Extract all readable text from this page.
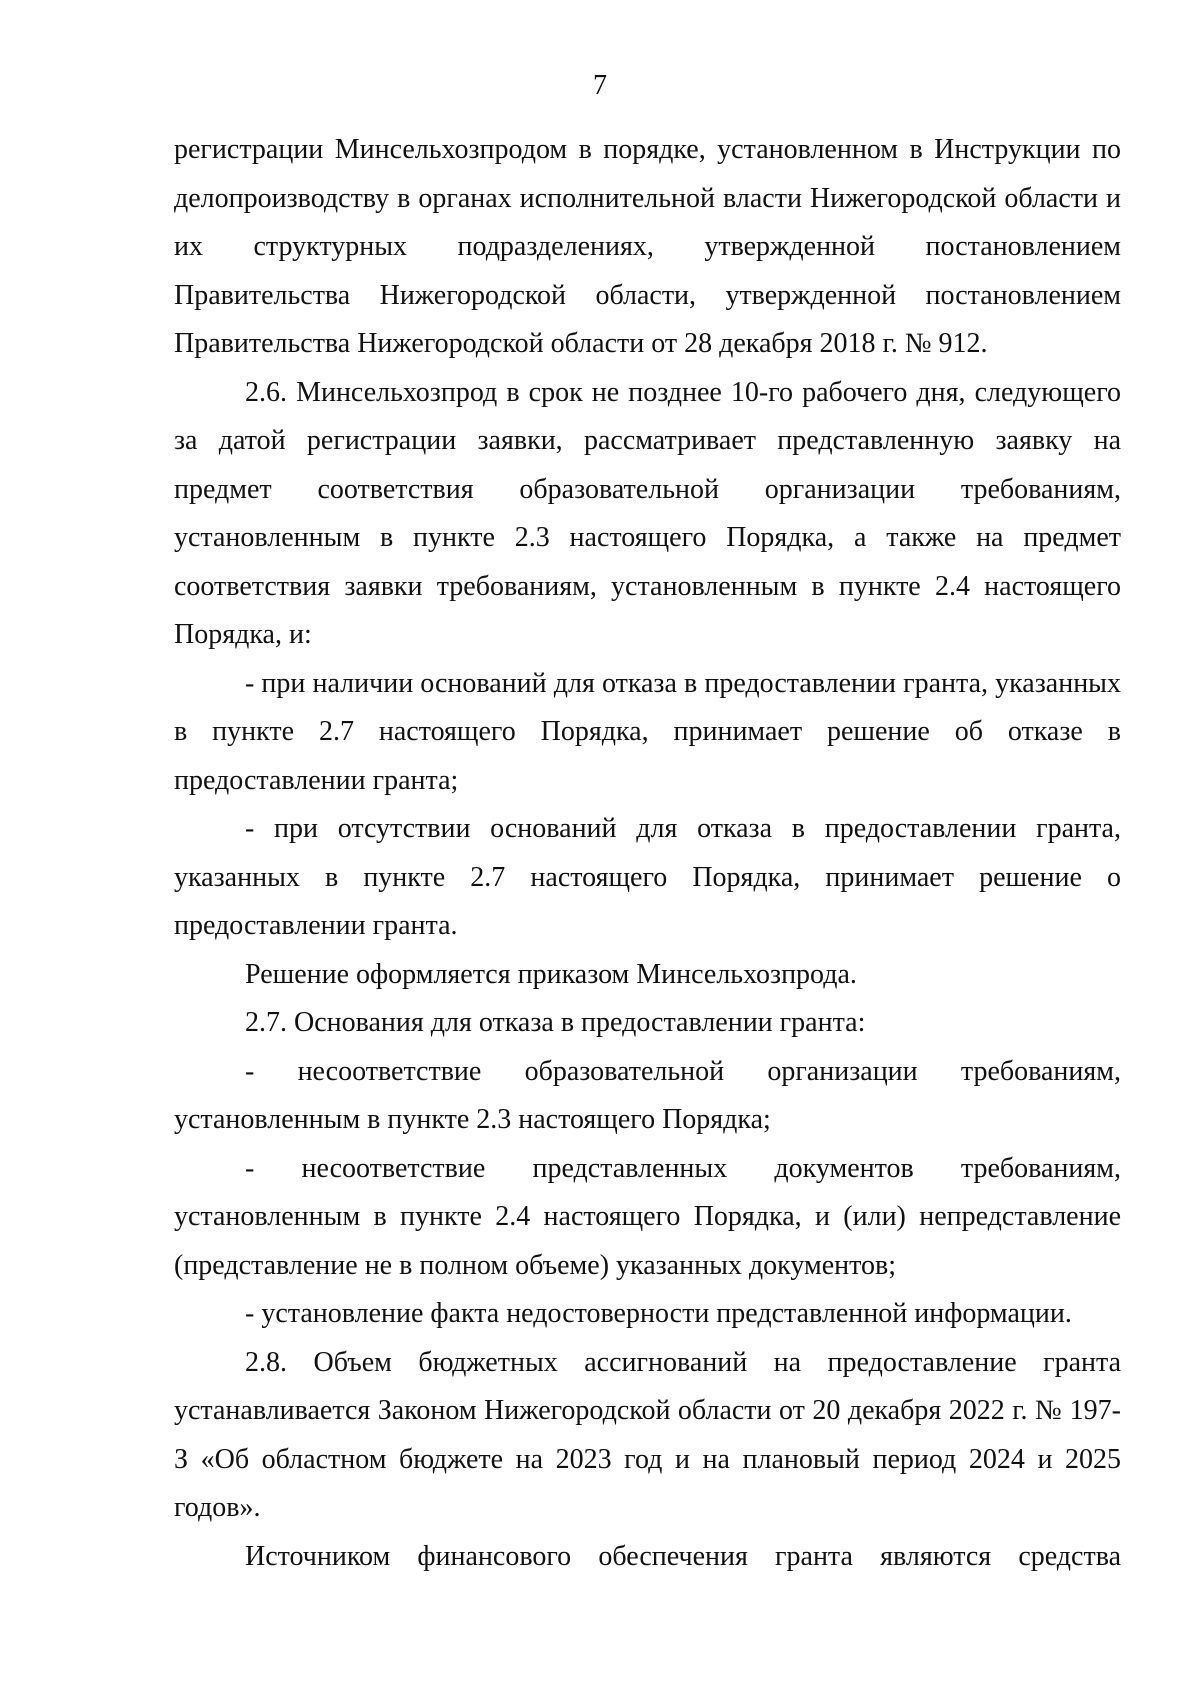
7

регистрации Минсельхозпродом в порядке, установленном в Инструкции по делопроизводству в органах исполнительной власти Нижегородской области и их структурных подразделениях, утвержденной постановлением Правительства Нижегородской области, утвержденной постановлением Правительства Нижегородской области от 28 декабря 2018 г. № 912.

2.6. Минсельхозпрод в срок не позднее 10-го рабочего дня, следующего за датой регистрации заявки, рассматривает представленную заявку на предмет соответствия образовательной организации требованиям, установленным в пункте 2.3 настоящего Порядка, а также на предмет соответствия заявки требованиям, установленным в пункте 2.4 настоящего Порядка, и:

- при наличии оснований для отказа в предоставлении гранта, указанных в пункте 2.7 настоящего Порядка, принимает решение об отказе в предоставлении гранта;

- при отсутствии оснований для отказа в предоставлении гранта, указанных в пункте 2.7 настоящего Порядка, принимает решение о предоставлении гранта.

Решение оформляется приказом Минсельхозпрода.

2.7. Основания для отказа в предоставлении гранта:

- несоответствие образовательной организации требованиям, установленным в пункте 2.3 настоящего Порядка;

- несоответствие представленных документов требованиям, установленным в пункте 2.4 настоящего Порядка, и (или) непредставление (представление не в полном объеме) указанных документов;

- установление факта недостоверности представленной информации.

2.8. Объем бюджетных ассигнований на предоставление гранта устанавливается Законом Нижегородской области от 20 декабря 2022 г. № 197-З «Об областном бюджете на 2023 год и на плановый период 2024 и 2025 годов».

Источником финансового обеспечения гранта являются средства
